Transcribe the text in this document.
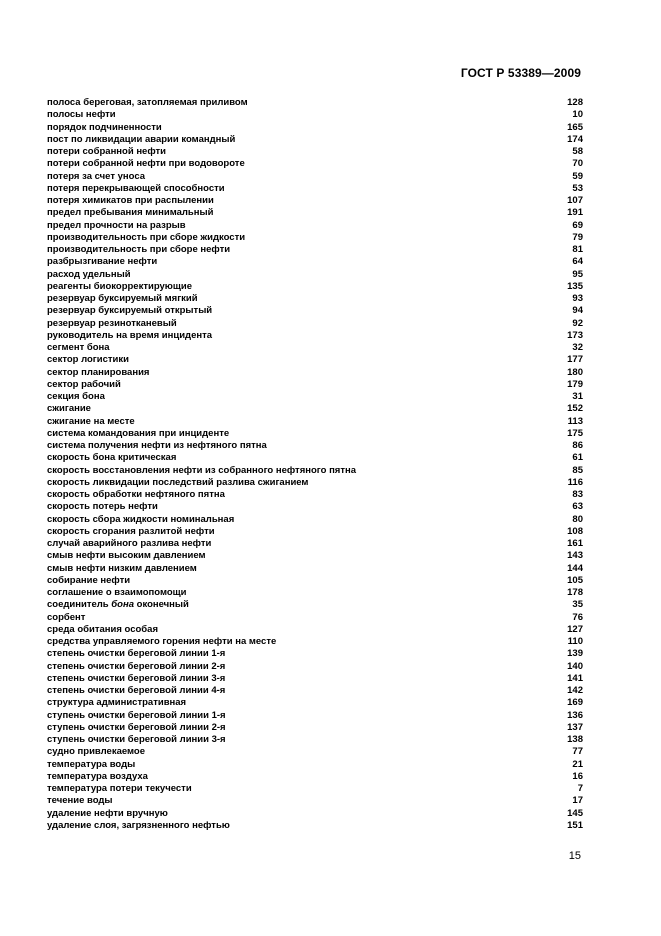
ГОСТ Р 53389—2009
полоса береговая, затопляемая приливом	128
полосы нефти	10
порядок подчиненности	165
пост по ликвидации аварии командный	174
потери собранной нефти	58
потери собранной нефти при водовороте	70
потеря за счет уноса	59
потеря перекрывающей способности	53
потеря химикатов при распылении	107
предел пребывания минимальный	191
предел прочности на разрыв	69
производительность при сборе жидкости	79
производительность при сборе нефти	81
разбрызгивание нефти	64
расход удельный	95
реагенты биокорректирующие	135
резервуар буксируемый мягкий	93
резервуар буксируемый открытый	94
резервуар резинотканевый	92
руководитель на время инцидента	173
сегмент бона	32
сектор логистики	177
сектор планирования	180
сектор рабочий	179
секция бона	31
сжигание	152
сжигание на месте	113
система командования при инциденте	175
система получения нефти из нефтяного пятна	86
скорость бона критическая	61
скорость восстановления нефти из собранного нефтяного пятна	85
скорость ликвидации последствий разлива сжиганием	116
скорость обработки нефтяного пятна	83
скорость потерь нефти	63
скорость сбора жидкости номинальная	80
скорость сгорания разлитой нефти	108
случай аварийного разлива нефти	161
смыв нефти высоким давлением	143
смыв нефти низким давлением	144
собирание нефти	105
соглашение о взаимопомощи	178
соединитель бона оконечный	35
сорбент	76
среда обитания особая	127
средства управляемого горения нефти на месте	110
степень очистки береговой линии 1-я	139
степень очистки береговой линии 2-я	140
степень очистки береговой линии 3-я	141
степень очистки береговой линии 4-я	142
структура административная	169
ступень очистки береговой линии 1-я	136
ступень очистки береговой линии 2-я	137
ступень очистки береговой линии 3-я	138
судно привлекаемое	77
температура воды	21
температура воздуха	16
температура потери текучести	7
течение воды	17
удаление нефти вручную	145
удаление слоя, загрязненного нефтью	151
15
